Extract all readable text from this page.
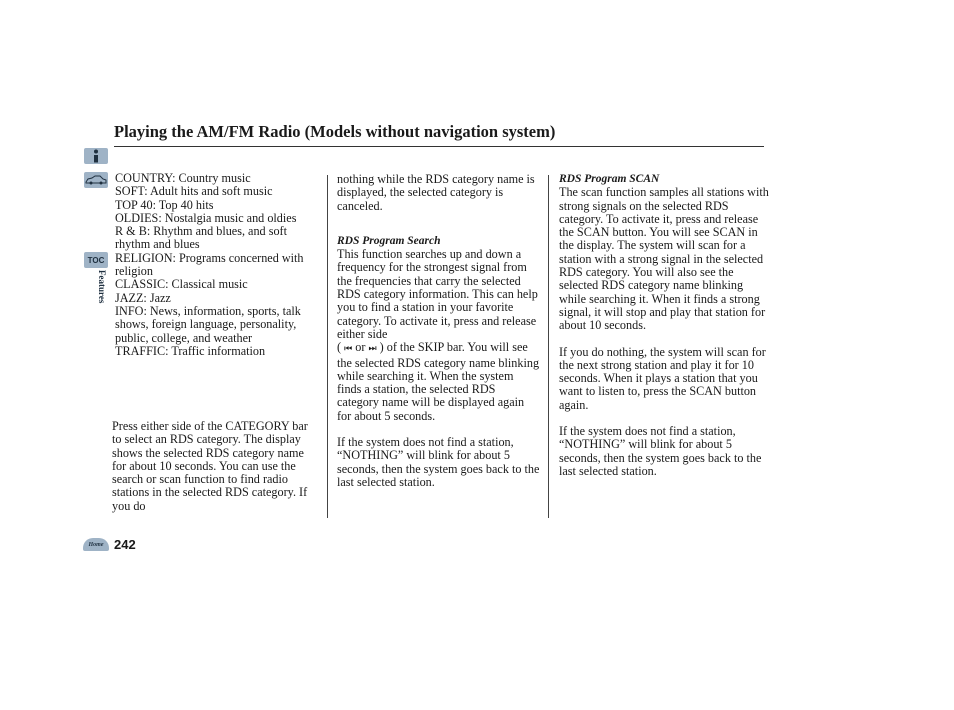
Playing the AM/FM Radio (Models without navigation system)
TOC
Features

COUNTRY: Country music

SOFT: Adult hits and soft music

TOP 40: Top 40 hits

OLDIES: Nostalgia music and oldies

R & B: Rhythm and blues, and soft rhythm and blues

RELIGION: Programs concerned with religion

CLASSIC: Classical music

JAZZ: Jazz

INFO: News, information, sports, talk shows, foreign language, personality, public, college, and weather

TRAFFIC: Traffic information

Press either side of the CATEGORY bar to select an RDS category. The display shows the selected RDS category name for about 10 seconds. You can use the search or scan function to find radio stations in the selected RDS category. If you do

nothing while the RDS category name is displayed, the selected category is canceled.

RDS Program Search

This function searches up and down a frequency for the strongest signal from the frequencies that carry the selected RDS category information. This can help you to find a station in your favorite category. To activate it, press and release either side
( ⏮ or ⏭ ) of the SKIP bar. You will see the selected RDS category name blinking while searching it. When the system finds a station, the selected RDS category name will be displayed again for about 5 seconds.

If the system does not find a station, “NOTHING” will blink for about 5 seconds, then the system goes back to the last selected station.

RDS Program SCAN

The scan function samples all stations with strong signals on the selected RDS category. To activate it, press and release the SCAN button. You will see SCAN in the display. The system will scan for a station with a strong signal in the selected RDS category. You will also see the selected RDS category name blinking while searching it. When it finds a strong signal, it will stop and play that station for about 10 seconds.

If you do nothing, the system will scan for the next strong station and play it for 10 seconds. When it plays a station that you want to listen to, press the SCAN button again.

If the system does not find a station, “NOTHING” will blink for about 5 seconds, then the system goes back to the last selected station.

Home 242
